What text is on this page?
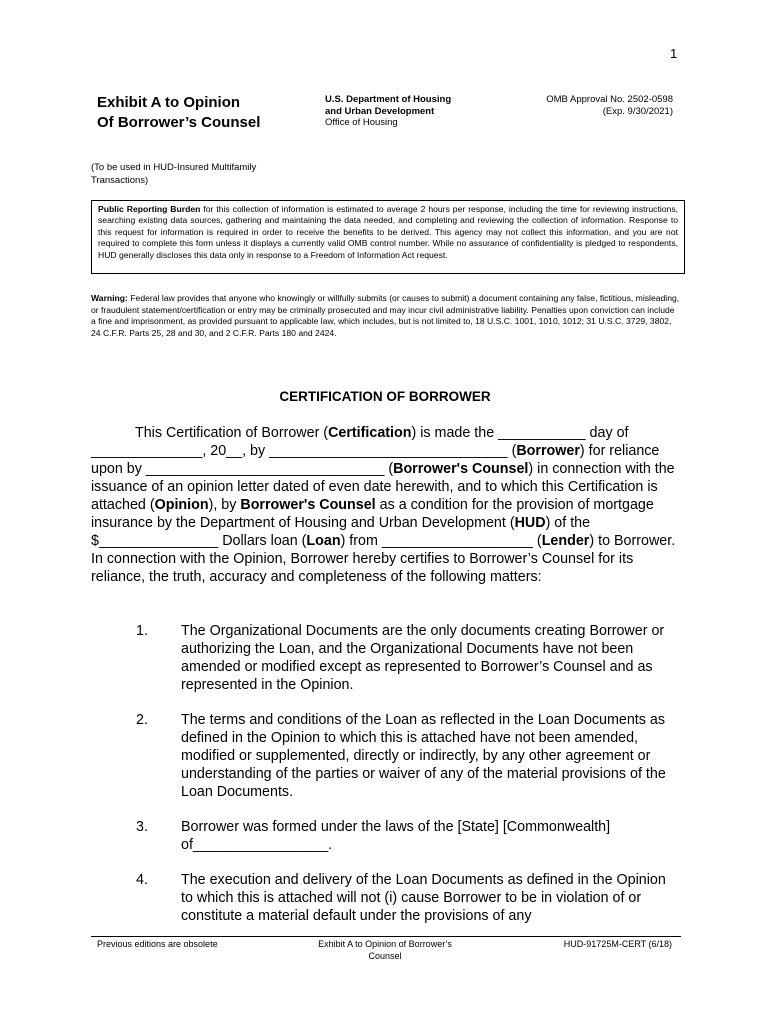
1
Exhibit A to Opinion
Of Borrower’s Counsel
U.S. Department of Housing
and Urban Development
Office of Housing
OMB Approval No. 2502-0598
(Exp. 9/30/2021)
(To be used in HUD-Insured Multifamily Transactions)
Public Reporting Burden for this collection of information is estimated to average 2 hours per response, including the time for reviewing instructions, searching existing data sources, gathering and maintaining the data needed, and completing and reviewing the collection of information. Response to this request for information is required in order to receive the benefits to be derived. This agency may not collect this information, and you are not required to complete this form unless it displays a currently valid OMB control number. While no assurance of confidentiality is pledged to respondents, HUD generally discloses this data only in response to a Freedom of Information Act request.
Warning: Federal law provides that anyone who knowingly or willfully submits (or causes to submit) a document containing any false, fictitious, misleading, or fraudulent statement/certification or entry may be criminally prosecuted and may incur civil administrative liability. Penalties upon conviction can include a fine and imprisonment, as provided pursuant to applicable law, which includes, but is not limited to, 18 U.S.C. 1001, 1010, 1012; 31 U.S.C. 3729, 3802, 24 C.F.R. Parts 25, 28 and 30, and 2 C.F.R. Parts 180 and 2424.
CERTIFICATION OF BORROWER
This Certification of Borrower (Certification) is made the ___________ day of ______________, 20__, by ______________________________ (Borrower) for reliance upon by ______________________________ (Borrower's Counsel) in connection with the issuance of an opinion letter dated of even date herewith, and to which this Certification is attached (Opinion), by Borrower's Counsel as a condition for the provision of mortgage insurance by the Department of Housing and Urban Development (HUD) of the $_______________ Dollars loan (Loan) from ___________________ (Lender) to Borrower. In connection with the Opinion, Borrower hereby certifies to Borrower’s Counsel for its reliance, the truth, accuracy and completeness of the following matters:
1. The Organizational Documents are the only documents creating Borrower or authorizing the Loan, and the Organizational Documents have not been amended or modified except as represented to Borrower’s Counsel and as represented in the Opinion.
2. The terms and conditions of the Loan as reflected in the Loan Documents as defined in the Opinion to which this is attached have not been amended, modified or supplemented, directly or indirectly, by any other agreement or understanding of the parties or waiver of any of the material provisions of the Loan Documents.
3. Borrower was formed under the laws of the [State] [Commonwealth] of_________________.
4. The execution and delivery of the Loan Documents as defined in the Opinion to which this is attached will not (i) cause Borrower to be in violation of or constitute a material default under the provisions of any
Previous editions are obsolete	Exhibit A to Opinion of Borrower’s
Counsel
HUD-91725M-CERT (6/18)
